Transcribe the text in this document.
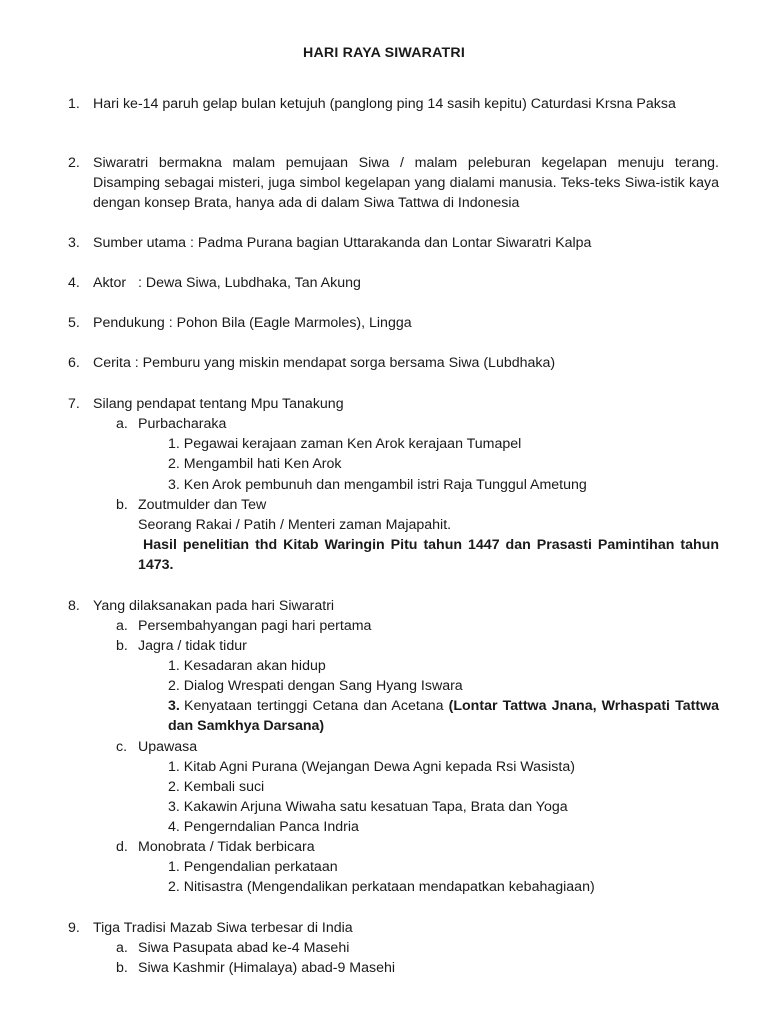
HARI RAYA SIWARATRI
1. Hari ke-14 paruh gelap bulan ketujuh (panglong ping 14 sasih kepitu) Caturdasi Krsna Paksa
2. Siwaratri bermakna malam pemujaan Siwa / malam peleburan kegelapan menuju terang. Disamping sebagai misteri, juga simbol kegelapan yang dialami manusia. Teks-teks Siwa-istik kaya dengan konsep Brata, hanya ada di dalam Siwa Tattwa di Indonesia
3. Sumber utama : Padma Purana bagian Uttarakanda dan Lontar Siwaratri Kalpa
4. Aktor   : Dewa Siwa, Lubdhaka, Tan Akung
5. Pendukung : Pohon Bila (Eagle Marmoles), Lingga
6. Cerita : Pemburu yang miskin mendapat sorga bersama Siwa (Lubdhaka)
7. Silang pendapat tentang Mpu Tanakung
a. Purbacharaka
1. Pegawai kerajaan zaman Ken Arok kerajaan Tumapel
2. Mengambil hati Ken Arok
3. Ken Arok pembunuh dan mengambil istri Raja Tunggul Ametung
b. Zoutmulder dan Tew
Seorang Rakai / Patih / Menteri zaman Majapahit.
Hasil penelitian thd Kitab Waringin Pitu tahun 1447 dan Prasasti Pamintihan tahun 1473.
8. Yang dilaksanakan pada hari Siwaratri
a. Persembahyangan pagi hari pertama
b. Jagra / tidak tidur
1. Kesadaran akan hidup
2. Dialog Wrespati dengan Sang Hyang Iswara
3. Kenyataan tertinggi Cetana dan Acetana (Lontar Tattwa Jnana, Wrhaspati Tattwa dan Samkhya Darsana)
c. Upawasa
1. Kitab Agni Purana (Wejangan Dewa Agni kepada Rsi Wasista)
2. Kembali suci
3. Kakawin Arjuna Wiwaha satu kesatuan Tapa, Brata dan Yoga
4. Pengerndalian Panca Indria
d. Monobrata / Tidak berbicara
1. Pengendalian perkataan
2. Nitisastra (Mengendalikan perkataan mendapatkan kebahagiaan)
9. Tiga Tradisi Mazab Siwa terbesar di India
a. Siwa Pasupata abad ke-4 Masehi
b. Siwa Kashmir (Himalaya) abad-9 Masehi
